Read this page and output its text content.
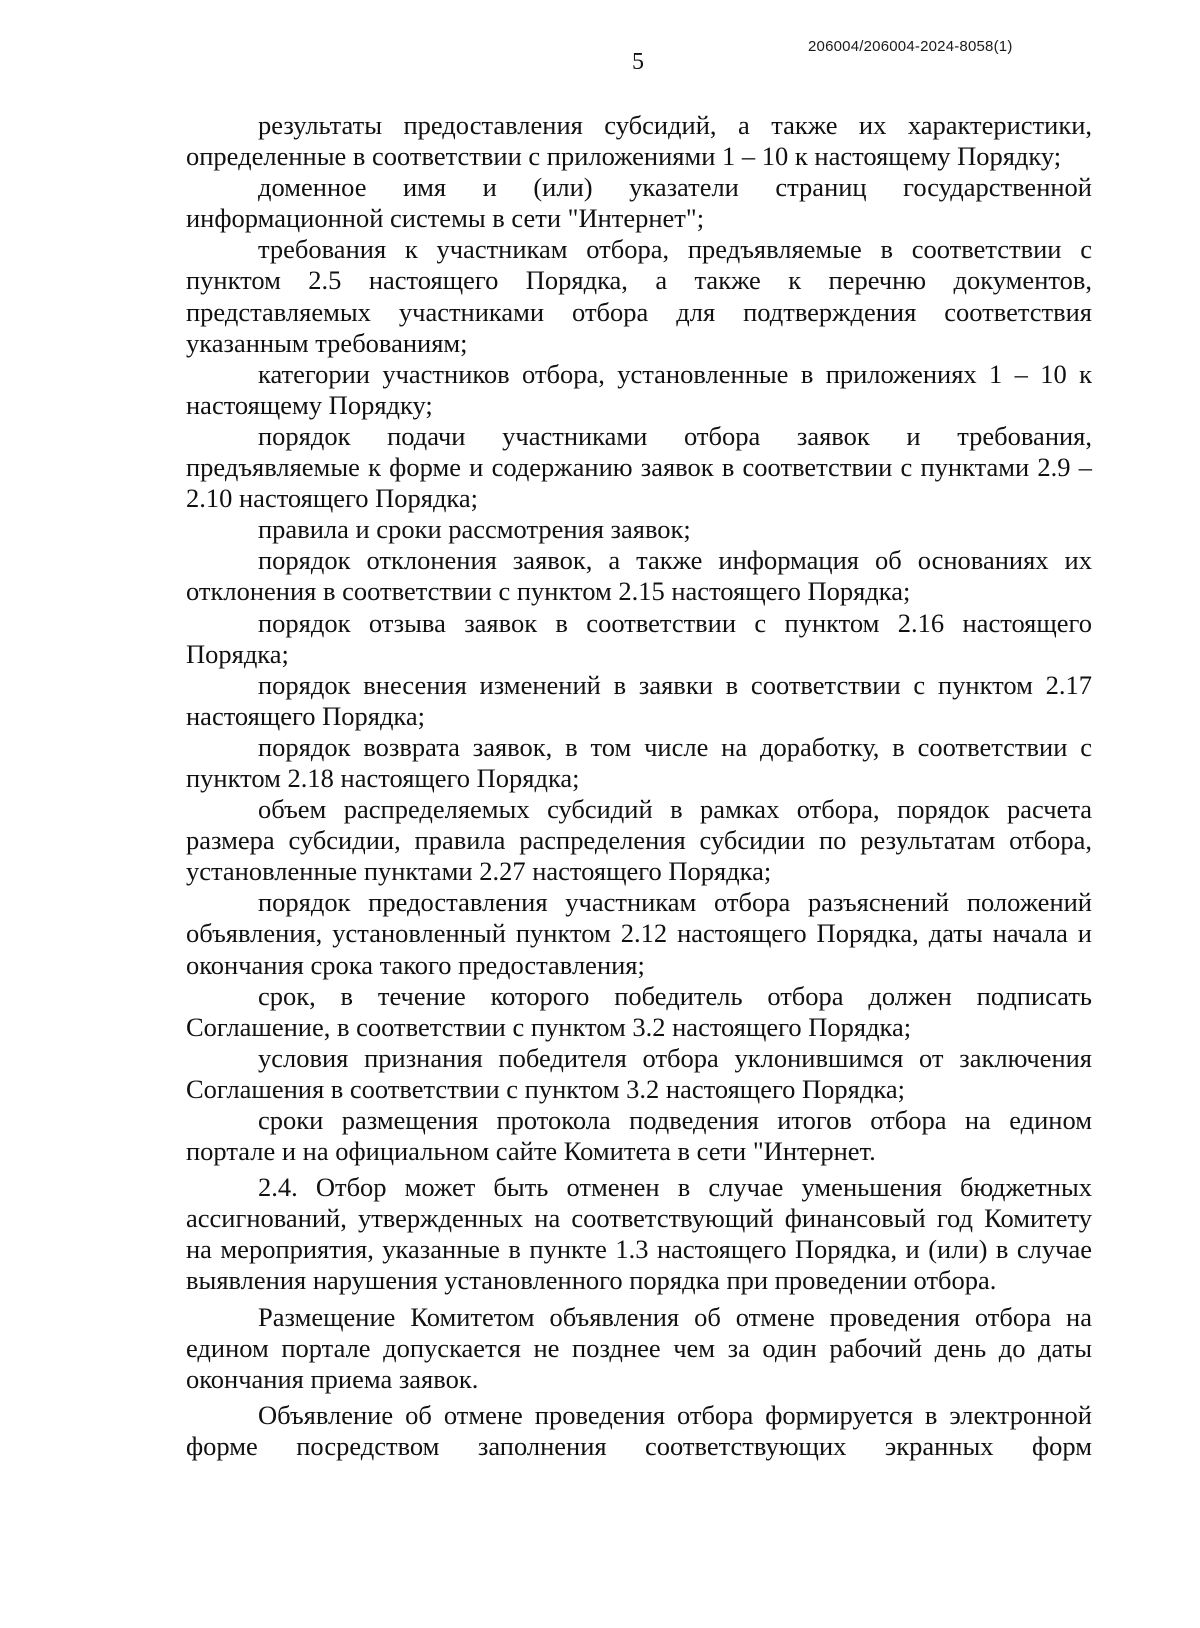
206004/206004-2024-8058(1)
5

результаты предоставления субсидий, а также их характеристики, определенные в соответствии с приложениями 1 – 10 к настоящему Порядку;

доменное имя и (или) указатели страниц государственной информационной системы в сети "Интернет";

требования к участникам отбора, предъявляемые в соответствии с пунктом 2.5 настоящего Порядка, а также к перечню документов, представляемых участниками отбора для подтверждения соответствия указанным требованиям;

категории участников отбора, установленные в приложениях 1 – 10 к настоящему Порядку;

порядок подачи участниками отбора заявок и требования, предъявляемые к форме и содержанию заявок в соответствии с пунктами 2.9 – 2.10 настоящего Порядка;

правила и сроки рассмотрения заявок;

порядок отклонения заявок, а также информация об основаниях их отклонения в соответствии с пунктом 2.15 настоящего Порядка;

порядок отзыва заявок в соответствии с пунктом 2.16 настоящего Порядка;

порядок внесения изменений в заявки в соответствии с пунктом 2.17 настоящего Порядка;

порядок возврата заявок, в том числе на доработку, в соответствии с пунктом 2.18 настоящего Порядка;

объем распределяемых субсидий в рамках отбора, порядок расчета размера субсидии, правила распределения субсидии по результатам отбора, установленные пунктами 2.27 настоящего Порядка;

порядок предоставления участникам отбора разъяснений положений объявления, установленный пунктом 2.12 настоящего Порядка, даты начала и окончания срока такого предоставления;

срок, в течение которого победитель отбора должен подписать Соглашение, в соответствии с пунктом 3.2 настоящего Порядка;

условия признания победителя отбора уклонившимся от заключения Соглашения в соответствии с пунктом 3.2 настоящего Порядка;

сроки размещения протокола подведения итогов отбора на едином портале и на официальном сайте Комитета в сети "Интернет.

2.4. Отбор может быть отменен в случае уменьшения бюджетных ассигнований, утвержденных на соответствующий финансовый год Комитету на мероприятия, указанные в пункте 1.3 настоящего Порядка, и (или) в случае выявления нарушения установленного порядка при проведении отбора.

Размещение Комитетом объявления об отмене проведения отбора на едином портале допускается не позднее чем за один рабочий день до даты окончания приема заявок.

Объявление об отмене проведения отбора формируется в электронной форме посредством заполнения соответствующих экранных форм
